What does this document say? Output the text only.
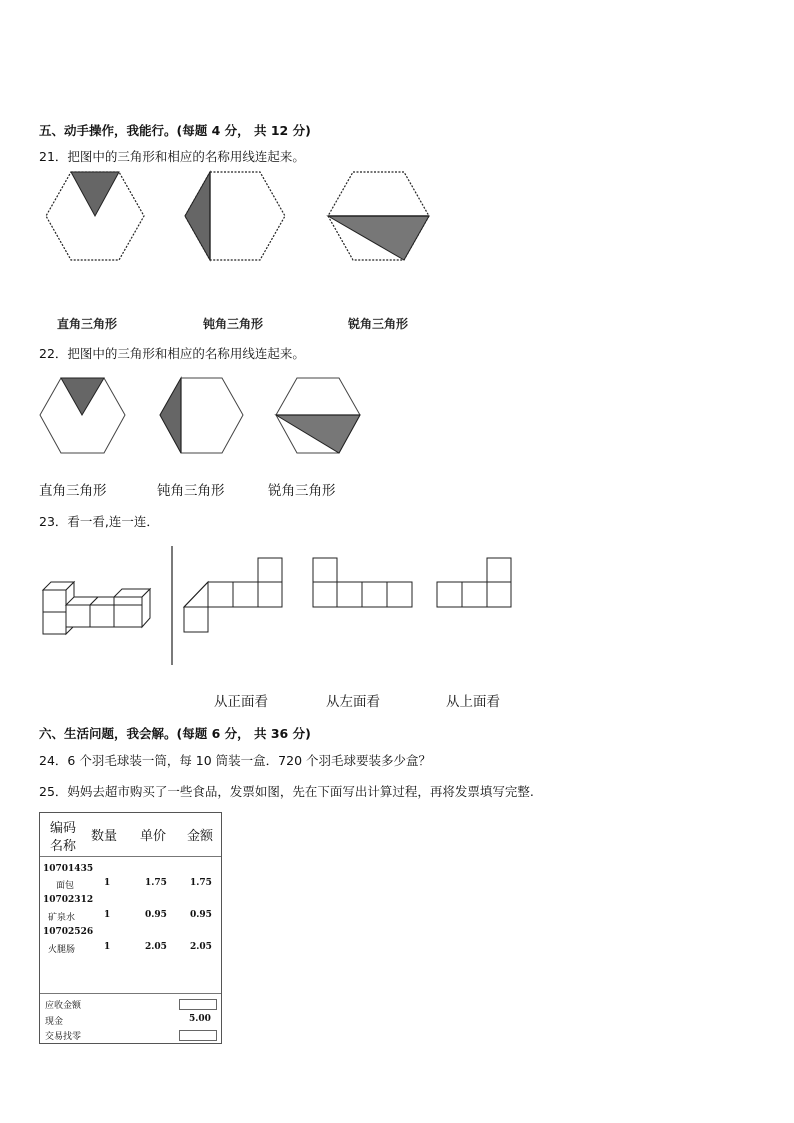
五、动手操作，我能行。(每题 4 分， 共 12 分)
21．把图中的三角形和相应的名称用线连起来。
直角三角形	钝角三角形	锐角三角形
22．把图中的三角形和相应的名称用线连起来。
直角三角形	钝角三角形	锐角三角形
23．看一看,连一连．
从正面看	从左面看	从上面看
六、生活问题，我会解。(每题 6 分， 共 36 分)
24．6 个羽毛球装一筒，每 10 筒装一盒．720 个羽毛球要装多少盒？
25．妈妈去超市购买了一些食品，发票如图，先在下面写出计算过程，再将发票填写完整.
编码
名称
数量 单价 金额
10701435
面包	1	1.75	1.75
10702312
矿泉水	1	0.95	0.95
10702526
火腿肠	1	2.05	2.05
应收金额
现金	5.00
交易找零
